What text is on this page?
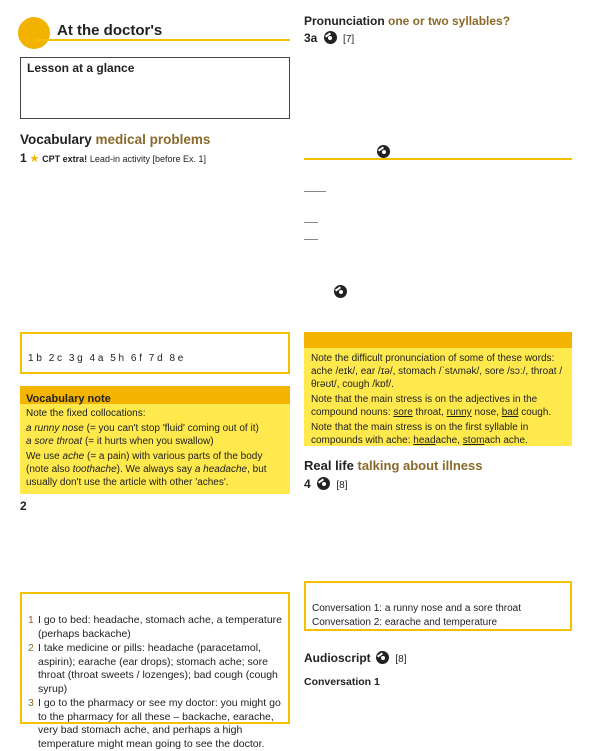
At the doctor's
Lesson at a glance
Vocabulary medical problems
1 ★ CPT extra! Lead-in activity [before Ex. 1]
1 b 2 c 3 g 4 a 5 h 6 f 7 d 8 e
Vocabulary note

Note the fixed collocations:

a runny nose (= you can't stop 'fluid' coming out of it)

a sore throat (= it hurts when you swallow)

We use ache (= a pain) with various parts of the body (note also toothache). We always say a headache, but usually don't use the article with other 'aches'.

2
1 I go to bed: headache, stomach ache, a temperature (perhaps backache)
2 I take medicine or pills: headache (paracetamol, aspirin); earache (ear drops); stomach ache; sore throat (throat sweets / lozenges); bad cough (cough syrup)
3 I go to the pharmacy or see my doctor: you might go to the pharmacy for all these – backache, earache, very bad stomach ache, and perhaps a high temperature might mean going to see the doctor.
Pronunciation one or two syllables?
3a	[7]

Note the difficult pronunciation of some of these words: ache /eɪk/, ear /ɪə/, stomach /ˈstʌmək/, sore /sɔː/, throat /θrəʊt/, cough /kɒf/.

Note that the main stress is on the adjectives in the compound nouns: sore throat, runny nose, bad cough.

Note that the main stress is on the first syllable in compounds with ache: headache, stomach ache.

Real life talking about illness
4	[8]
Conversation 1: a runny nose and a sore throat
Conversation 2: earache and temperature
Audioscript [8]
Conversation 1
